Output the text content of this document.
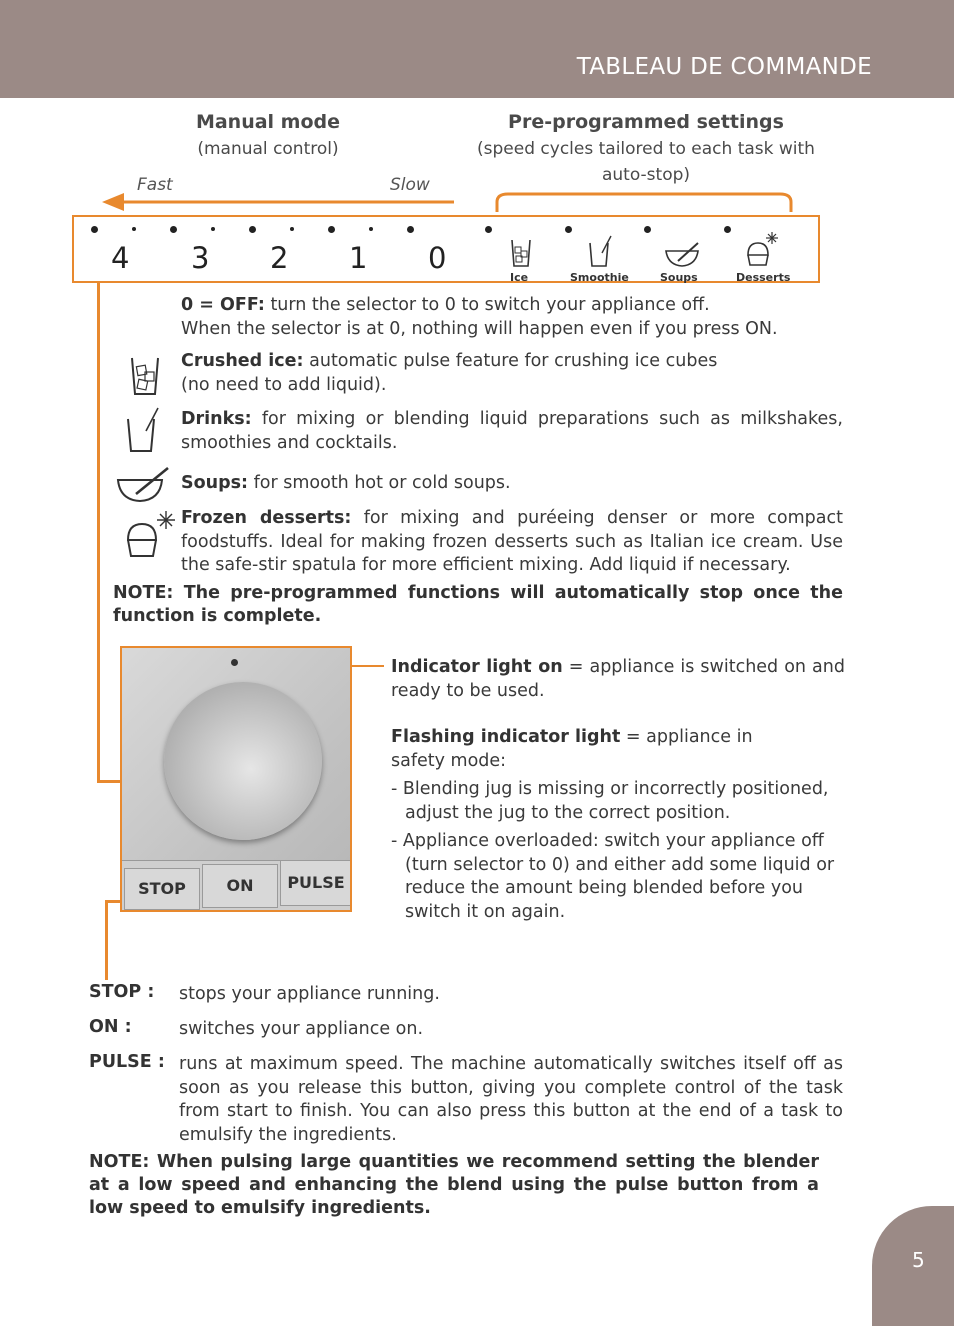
TABLEAU DE COMMANDE
Manual mode
(manual control)
Fast	Slow
Pre-programmed settings
(speed cycles tailored to each task with
auto-stop)
4 3 2 1 0
Ice	Smoothie	Soups	Desserts
0 = OFF: turn the selector to 0 to switch your appliance off.
When the selector is at 0, nothing will happen even if you press ON.
Crushed ice: automatic pulse feature for crushing ice cubes
(no need to add liquid).
Drinks: for mixing or blending liquid preparations such as milkshakes, smoothies and cocktails.
Soups: for smooth hot or cold soups.
Frozen desserts: for mixing and puréeing denser or more compact foodstuffs. Ideal for making frozen desserts such as Italian ice cream. Use the safe-stir spatula for more efficient mixing. Add liquid if necessary.
NOTE: The pre-programmed functions will automatically stop once the function is complete.
STOP	ON	PULSE
Indicator light on = appliance is switched on and ready to be used.
Flashing indicator light = appliance in safety mode:
- Blending jug is missing or incorrectly positioned, adjust the jug to the correct position.
- Appliance overloaded: switch your appliance off (turn selector to 0) and either add some liquid or reduce the amount being blended before you switch it on again.
STOP : stops your appliance running.
ON :	switches your appliance on.
PULSE : runs at maximum speed. The machine automatically switches itself off as soon as you release this button, giving you complete control of the task from start to finish. You can also press this button at the end of a task to emulsify the ingredients.
NOTE: When pulsing large quantities we recommend setting the blender at a low speed and enhancing the blend using the pulse button from a low speed to emulsify ingredients.
5
